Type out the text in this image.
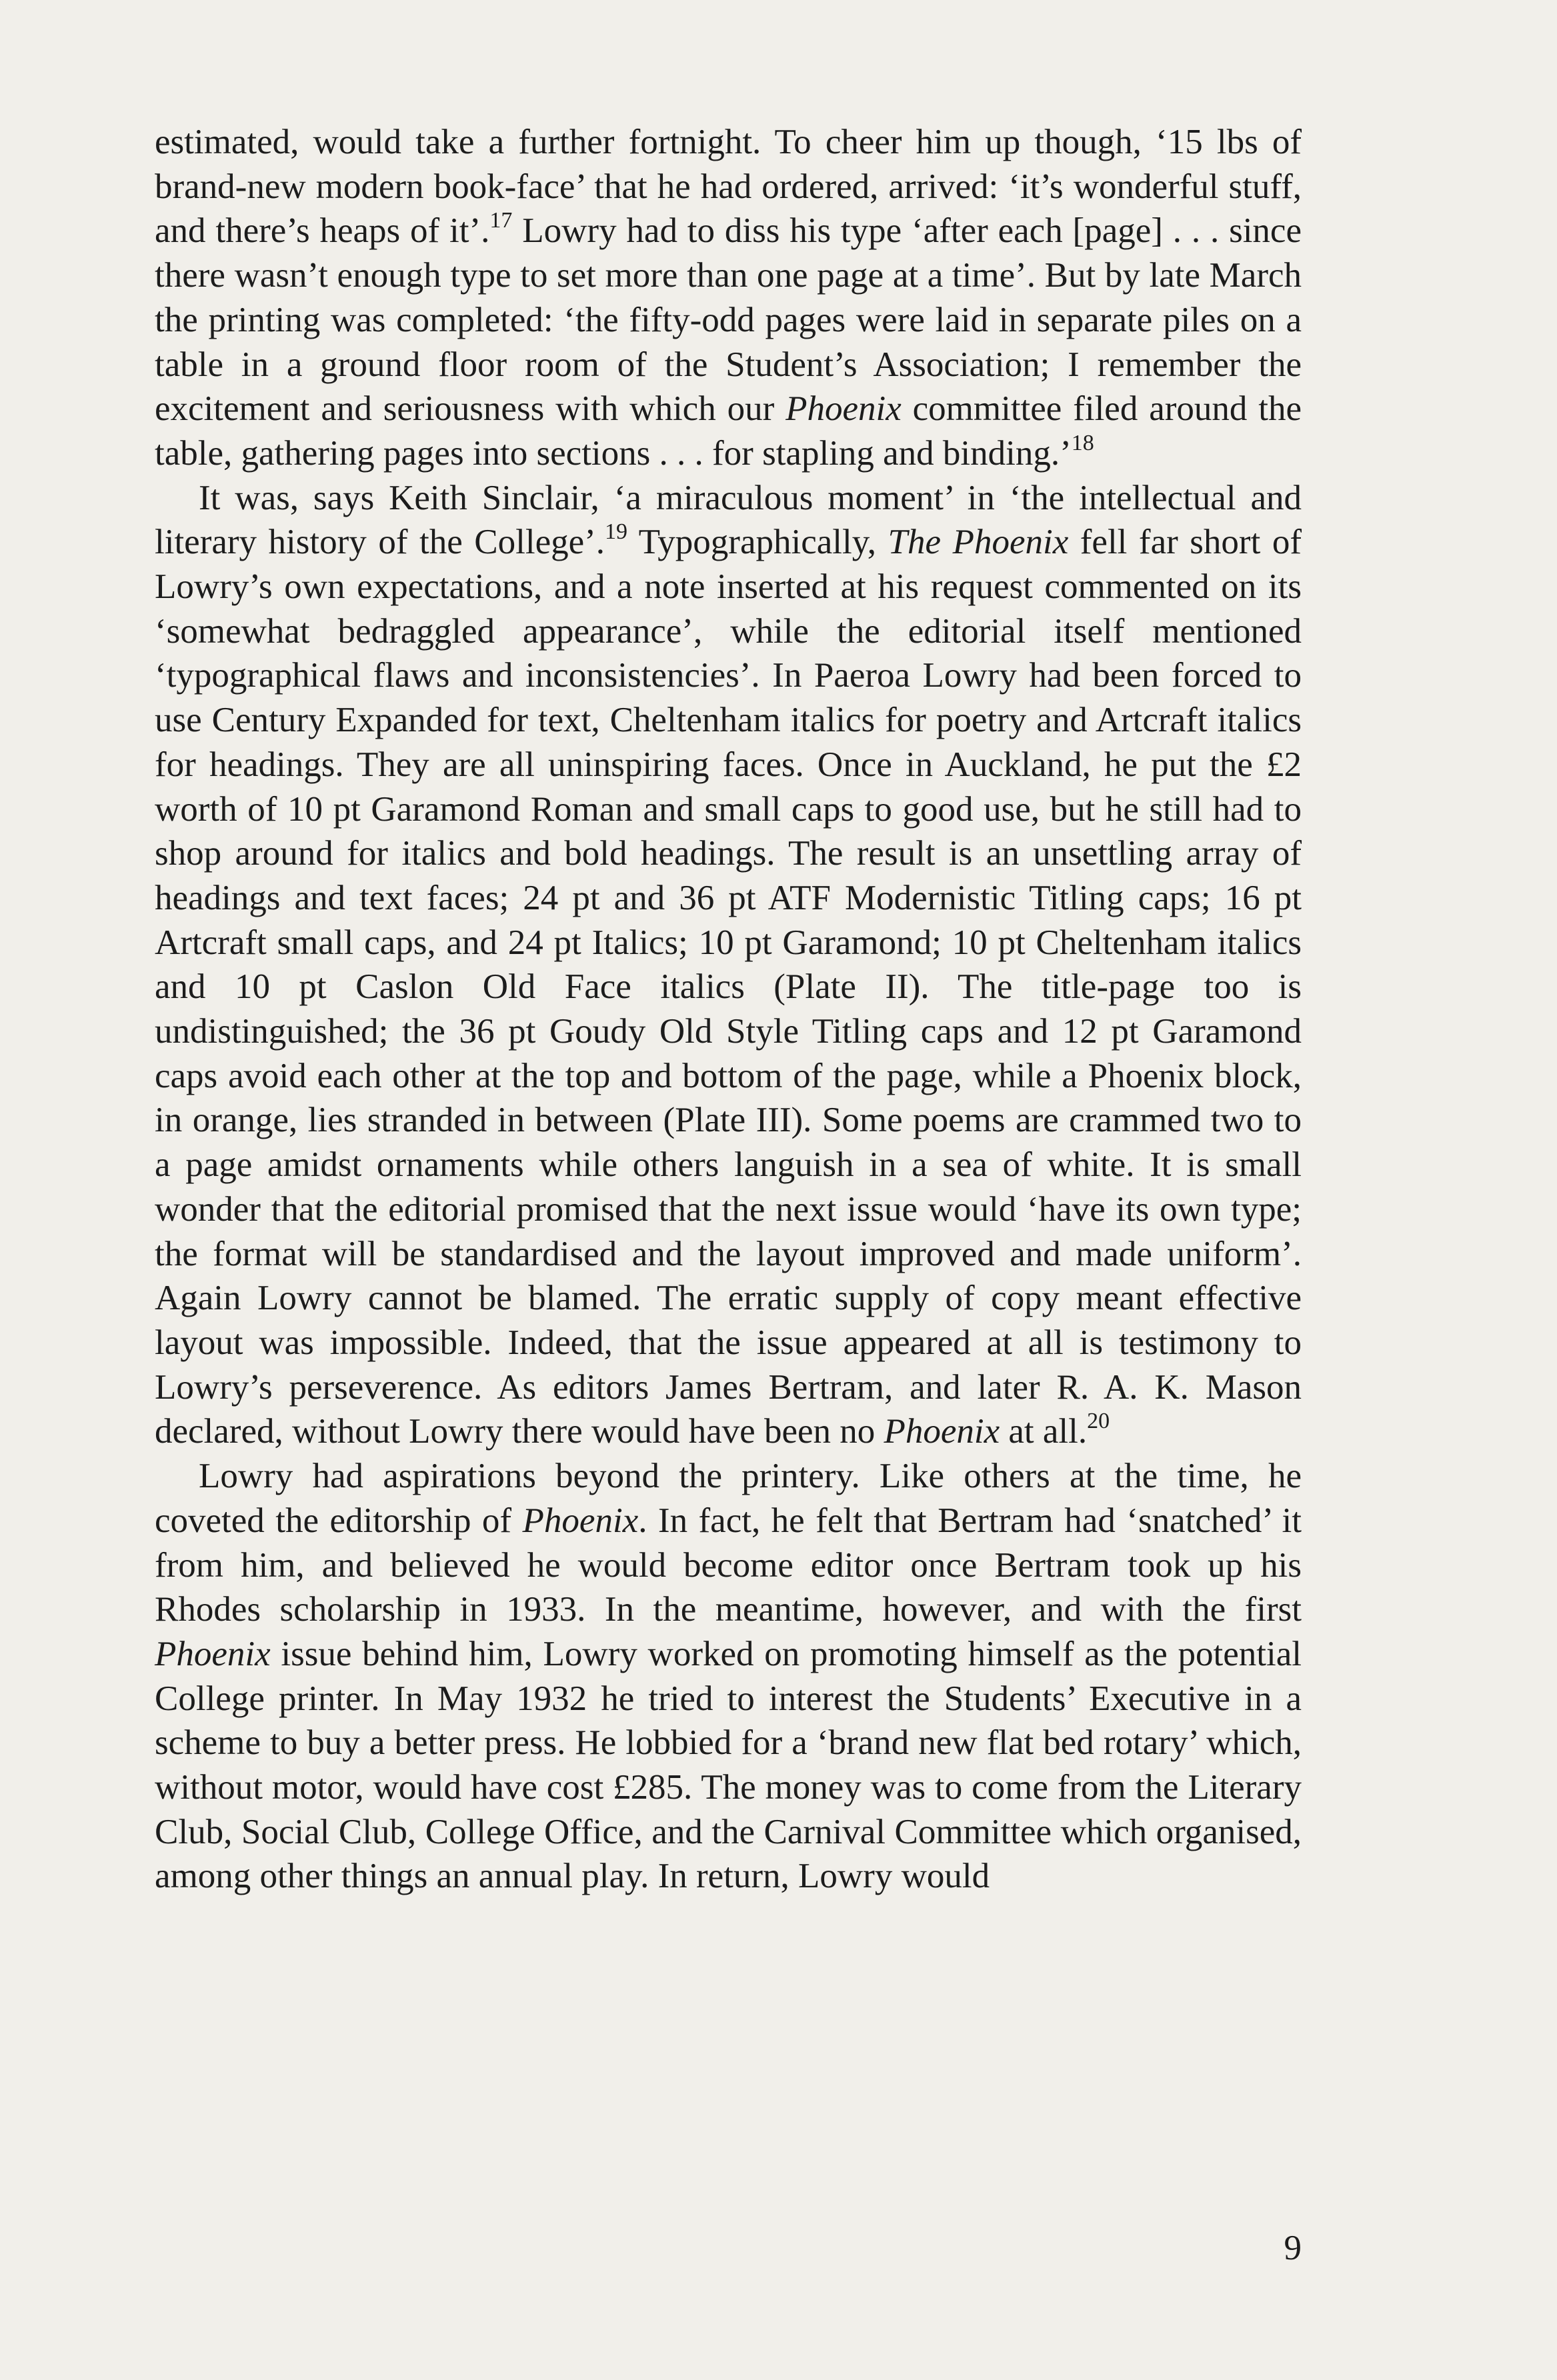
estimated, would take a further fortnight. To cheer him up though, ‘15 lbs of brand-new modern book-face’ that he had ordered, arrived: ‘it’s wonderful stuff, and there’s heaps of it’.$^{17}$ Lowry had to diss his type ‘after each [page] . . . since there wasn’t enough type to set more than one page at a time’. But by late March the printing was completed: ‘the fifty-odd pages were laid in separate piles on a table in a ground floor room of the Student’s Association; I remember the excitement and seriousness with which our Phoenix committee filed around the table, gathering pages into sections . . . for stapling and binding.’$^{18}$

It was, says Keith Sinclair, ‘a miraculous moment’ in ‘the intellectual and literary history of the College’.$^{19}$ Typographically, The Phoenix fell far short of Lowry’s own expectations, and a note inserted at his request commented on its ‘somewhat bedraggled appearance’, while the editorial itself mentioned ‘typographical flaws and inconsistencies’. In Paeroa Lowry had been forced to use Century Expanded for text, Cheltenham italics for poetry and Artcraft italics for headings. They are all uninspiring faces. Once in Auckland, he put the £2 worth of 10 pt Garamond Roman and small caps to good use, but he still had to shop around for italics and bold headings. The result is an unsettling array of headings and text faces; 24 pt and 36 pt ATF Modernistic Titling caps; 16 pt Artcraft small caps, and 24 pt Italics; 10 pt Garamond; 10 pt Cheltenham italics and 10 pt Caslon Old Face italics (Plate II). The title-page too is undistinguished; the 36 pt Goudy Old Style Titling caps and 12 pt Garamond caps avoid each other at the top and bottom of the page, while a Phoenix block, in orange, lies stranded in between (Plate III). Some poems are crammed two to a page amidst ornaments while others languish in a sea of white. It is small wonder that the editorial promised that the next issue would ‘have its own type; the format will be standardised and the layout improved and made uniform’. Again Lowry cannot be blamed. The erratic supply of copy meant effective layout was impossible. Indeed, that the issue appeared at all is testimony to Lowry’s perseverence. As editors James Bertram, and later R. A. K. Mason declared, without Lowry there would have been no Phoenix at all.$^{20}$

Lowry had aspirations beyond the printery. Like others at the time, he coveted the editorship of Phoenix. In fact, he felt that Bertram had ‘snatched’ it from him, and believed he would become editor once Bertram took up his Rhodes scholarship in 1933. In the meantime, however, and with the first Phoenix issue behind him, Lowry worked on promoting himself as the potential College printer. In May 1932 he tried to interest the Students’ Executive in a scheme to buy a better press. He lobbied for a ‘brand new flat bed rotary’ which, without motor, would have cost £285. The money was to come from the Literary Club, Social Club, College Office, and the Carnival Committee which organised, among other things an annual play. In return, Lowry would

9
